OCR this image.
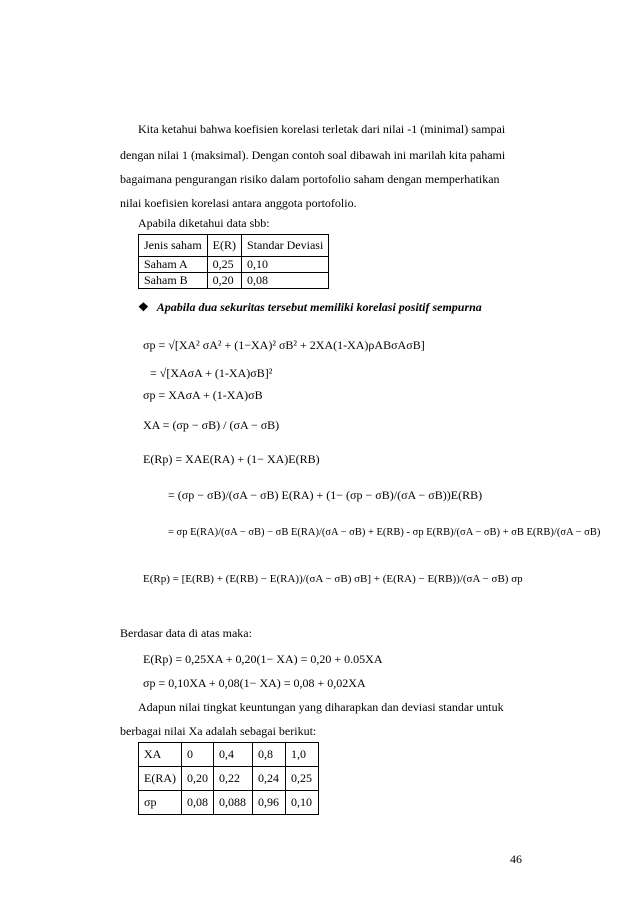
Kita ketahui bahwa koefisien korelasi terletak dari nilai -1 (minimal) sampai
dengan nilai 1 (maksimal). Dengan contoh soal dibawah ini marilah kita pahami
bagaimana pengurangan risiko dalam portofolio saham dengan memperhatikan
nilai koefisien korelasi antara anggota portofolio.
Apabila diketahui data sbb:
Jenis saham	E(R)	Standar Deviasi
Saham A	0,25	0,10
Saham B	0,20	0,08
❖ Apabila dua sekuritas tersebut memiliki korelasi positif sempurna
σp = √[XA² σA² + (1−XA)² σB² + 2XA(1-XA)ρABσAσB]
= √[XAσA + (1-XA)σB]²
σp = XAσA + (1-XA)σB
XA = (σp − σB) / (σA − σB)
E(Rp) = XAE(RA) + (1− XA)E(RB)
= (σp − σB)/(σA − σB) E(RA) + (1− (σp − σB)/(σA − σB))E(RB)
= σp E(RA)/(σA − σB) − σB E(RA)/(σA − σB) + E(RB) - σp E(RB)/(σA − σB) + σB E(RB)/(σA − σB)
E(Rp) = [E(RB) + (E(RB) − E(RA))/(σA − σB) σB] + (E(RA) − E(RB))/(σA − σB) σp
Berdasar data di atas maka:
E(Rp) = 0,25XA + 0,20(1− XA) = 0,20 + 0.05XA
σp = 0,10XA + 0,08(1− XA) = 0,08 + 0,02XA
Adapun nilai tingkat keuntungan yang diharapkan dan deviasi standar untuk
berbagai nilai Xa adalah sebagai berikut:
XA	0	0,4	0,8	1,0
E(RA)	0,20	0,22	0,24	0,25
σp	0,08	0,088	0,96	0,10
46
